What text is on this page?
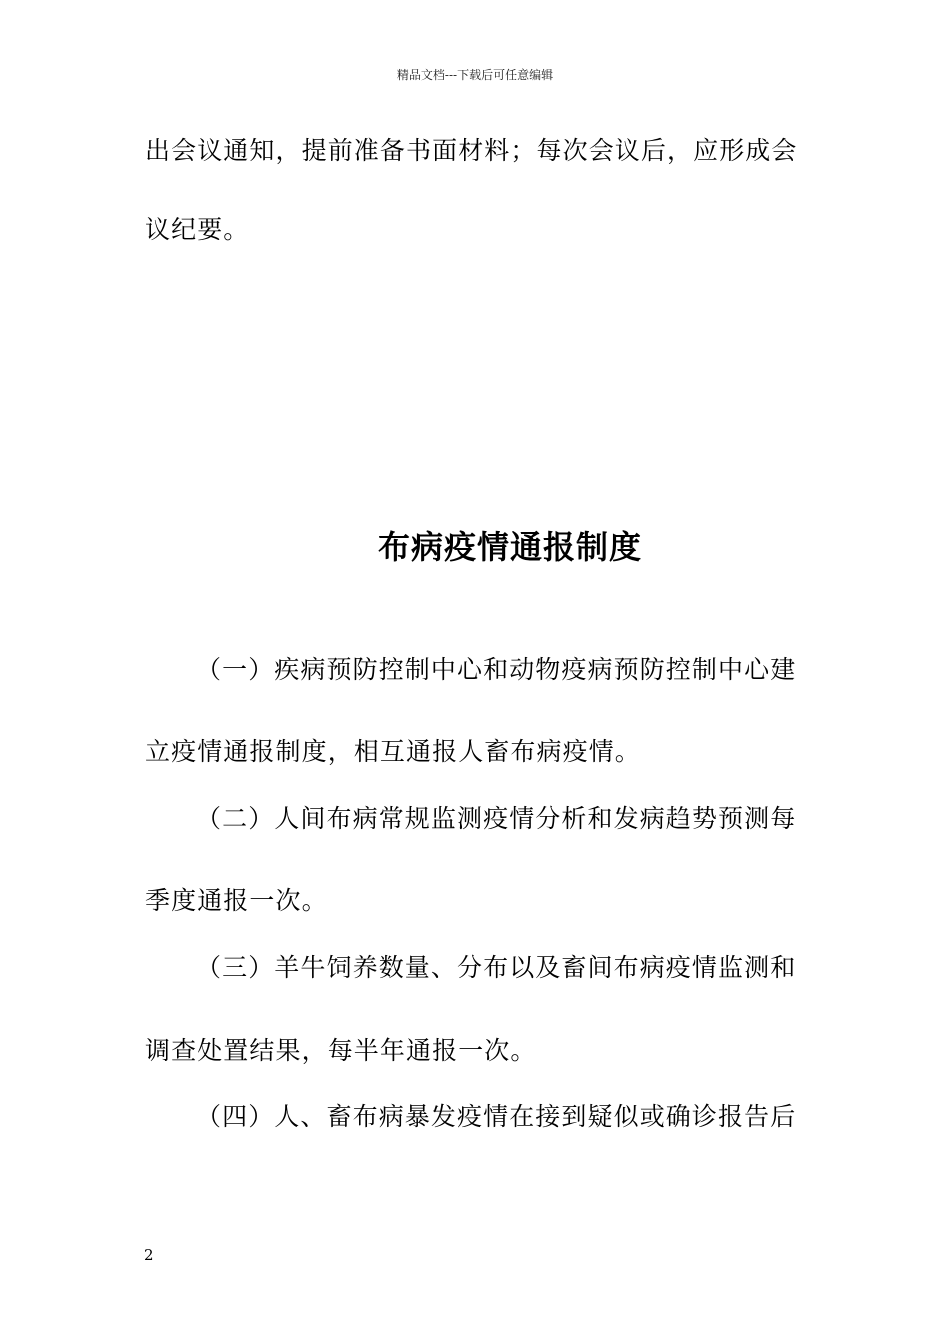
精品文档---下载后可任意编辑
出会议通知，提前准备书面材料；每次会议后，应形成会
议纪要。
布病疫情通报制度
（一）疾病预防控制中心和动物疫病预防控制中心建
立疫情通报制度，相互通报人畜布病疫情。
（二）人间布病常规监测疫情分析和发病趋势预测每
季度通报一次。
（三）羊牛饲养数量、分布以及畜间布病疫情监测和
调查处置结果，每半年通报一次。
（四）人、畜布病暴发疫情在接到疑似或确诊报告后
2
